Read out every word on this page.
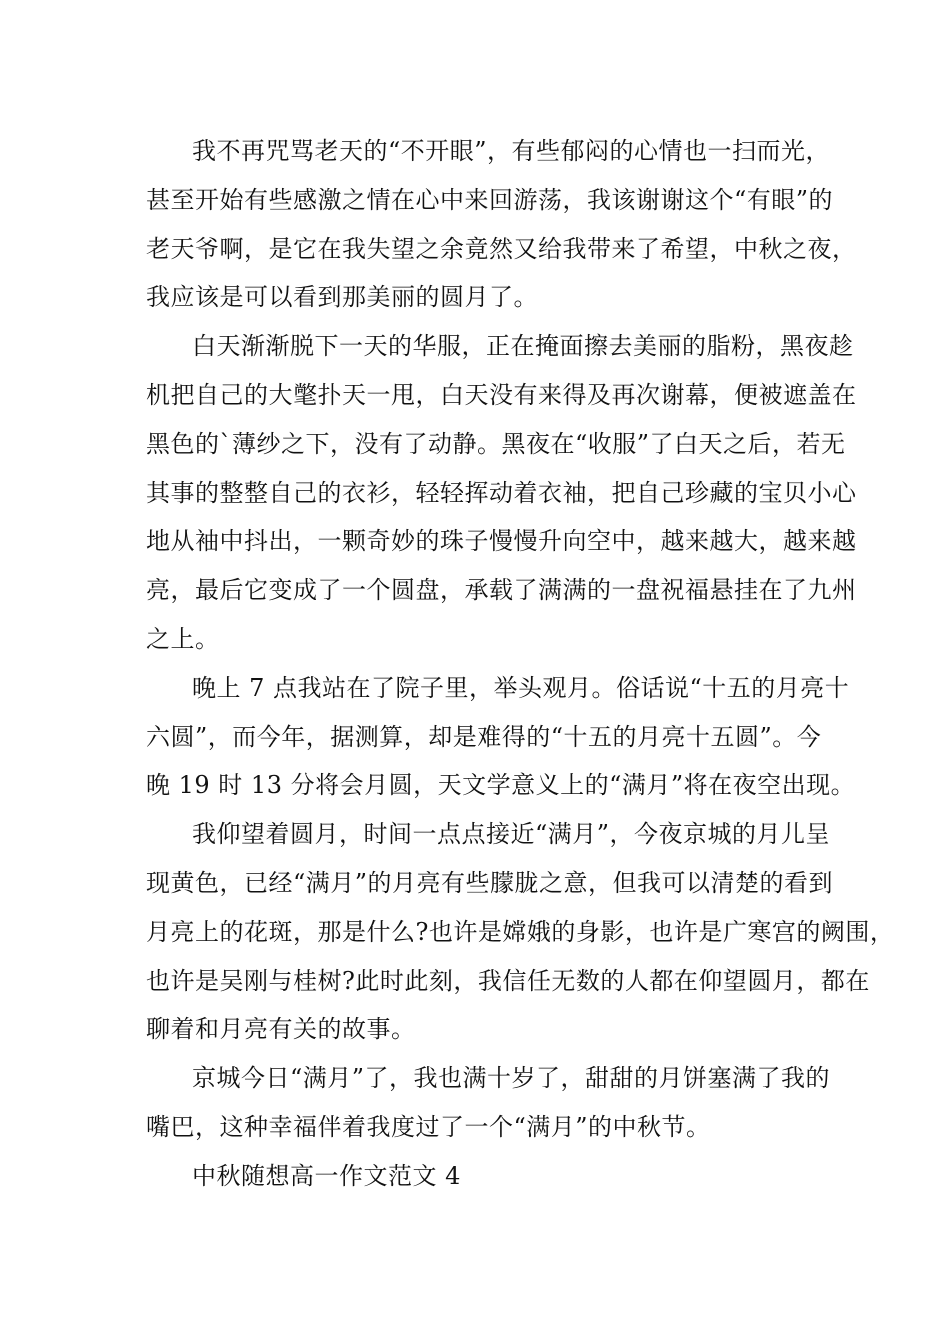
我不再咒骂老天的“不开眼”，有些郁闷的心情也一扫而光，
甚至开始有些感激之情在心中来回游荡，我该谢谢这个“有眼”的
老天爷啊，是它在我失望之余竟然又给我带来了希望，中秋之夜，
我应该是可以看到那美丽的圆月了。
白天渐渐脱下一天的华服，正在掩面擦去美丽的脂粉，黑夜趁
机把自己的大氅扑天一甩，白天没有来得及再次谢幕，便被遮盖在
黑色的`薄纱之下，没有了动静。黑夜在“收服”了白天之后，若无
其事的整整自己的衣衫，轻轻挥动着衣袖，把自己珍藏的宝贝小心
地从袖中抖出，一颗奇妙的珠子慢慢升向空中，越来越大，越来越
亮，最后它变成了一个圆盘，承载了满满的一盘祝福悬挂在了九州
之上。
晚上 7 点我站在了院子里，举头观月。俗话说“十五的月亮十
六圆”，而今年，据测算，却是难得的“十五的月亮十五圆”。今
晚 19 时 13 分将会月圆，天文学意义上的“满月”将在夜空出现。
我仰望着圆月，时间一点点接近“满月”，今夜京城的月儿呈
现黄色，已经“满月”的月亮有些朦胧之意，但我可以清楚的看到
月亮上的花斑，那是什么?也许是嫦娥的身影，也许是广寒宫的阙围，
也许是吴刚与桂树?此时此刻，我信任无数的人都在仰望圆月，都在
聊着和月亮有关的故事。
京城今日“满月”了，我也满十岁了，甜甜的月饼塞满了我的
嘴巴，这种幸福伴着我度过了一个“满月”的中秋节。
中秋随想高一作文范文 4
